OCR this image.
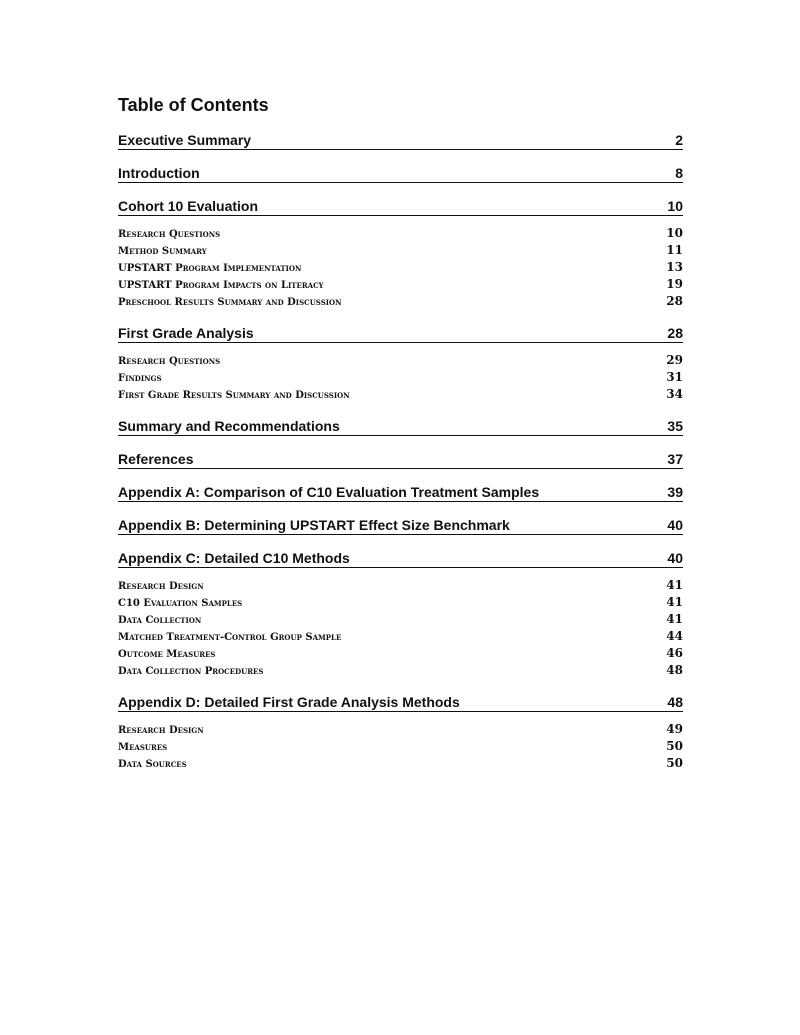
Table of Contents
Executive Summary	2
Introduction	8
Cohort 10 Evaluation	10
Research Questions	10
Method Summary	11
UPSTART Program Implementation	13
UPSTART Program Impacts on Literacy	19
Preschool Results Summary and Discussion	28
First Grade Analysis	28
Research Questions	29
Findings	31
First Grade Results Summary and Discussion	34
Summary and Recommendations	35
References	37
Appendix A: Comparison of C10 Evaluation Treatment Samples	39
Appendix B: Determining UPSTART Effect Size Benchmark	40
Appendix C: Detailed C10 Methods	40
Research Design	41
C10 Evaluation Samples	41
Data Collection	41
Matched Treatment-Control Group Sample	44
Outcome Measures	46
Data Collection Procedures	48
Appendix D: Detailed First Grade Analysis Methods	48
Research Design	49
Measures	50
Data Sources	50
